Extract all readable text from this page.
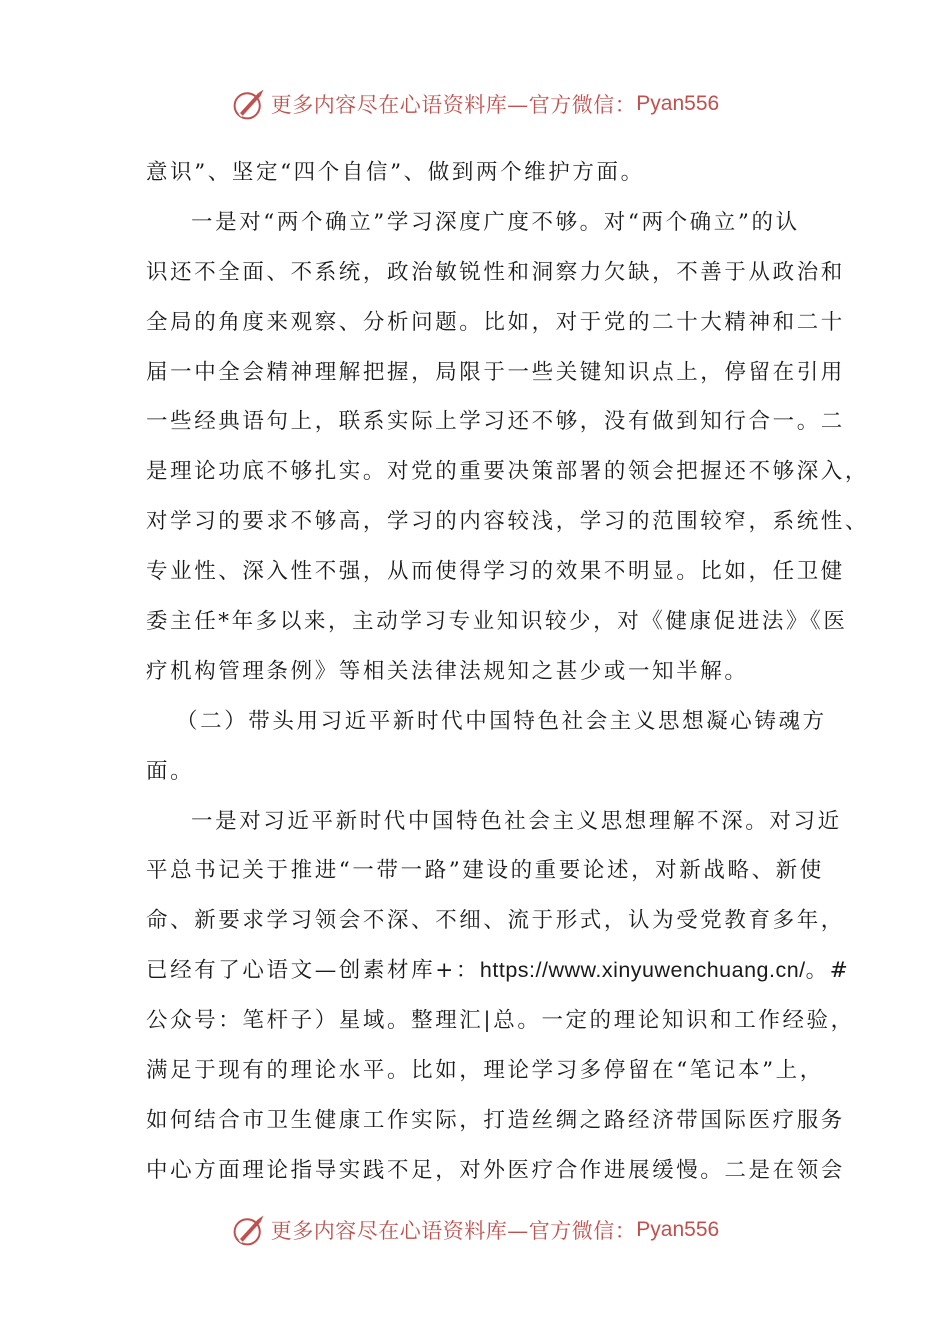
更多内容尽在心语资料库—官方微信： Pyan556
意识”、坚定“四个自信”、做到两个维护方面。
一是对“两个确立”学习深度广度不够。对“两个确立”的认
识还不全面、不系统，政治敏锐性和洞察力欠缺，不善于从政治和
全局的角度来观察、分析问题。比如，对于党的二十大精神和二十
届一中全会精神理解把握，局限于一些关键知识点上，停留在引用
一些经典语句上，联系实际上学习还不够，没有做到知行合一。二
是理论功底不够扎实。对党的重要决策部署的领会把握还不够深入，
对学习的要求不够高，学习的内容较浅，学习的范围较窄，系统性、
专业性、深入性不强，从而使得学习的效果不明显。比如，任卫健
委主任*年多以来，主动学习专业知识较少，对《健康促进法》《医
疗机构管理条例》等相关法律法规知之甚少或一知半解。
（二）带头用习近平新时代中国特色社会主义思想凝心铸魂方
面。
一是对习近平新时代中国特色社会主义思想理解不深。对习近
平总书记关于推进“一带一路”建设的重要论述，对新战略、新使
命、新要求学习领会不深、不细、流于形式，认为受党教育多年，
已经有了心语文—创素材库+：https://www.xinyuwenchuang.cn/。#
公众号：笔杆子）星域。整理汇|总。一定的理论知识和工作经验，
满足于现有的理论水平。比如，理论学习多停留在“笔记本”上，
如何结合市卫生健康工作实际，打造丝绸之路经济带国际医疗服务
中心方面理论指导实践不足，对外医疗合作进展缓慢。二是在领会
更多内容尽在心语资料库—官方微信： Pyan556
